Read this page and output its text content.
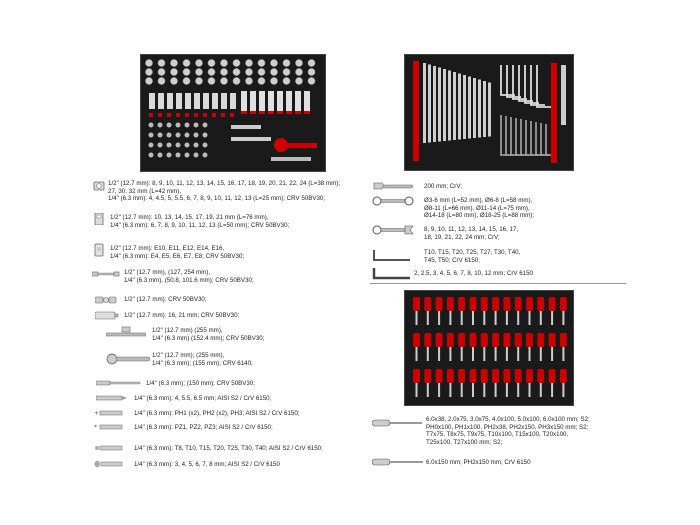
1/2" (12.7 mm): 8, 9, 10, 11, 12, 13, 14, 15, 16, 17, 18, 19, 20, 21, 22, 24 (L=38 mm);
27, 30, 32 mm (L=42 mm),
1/4" (6.3 mm): 4, 4.5, 5, 5.5, 6, 7, 8, 9, 10, 11, 12, 13 (L=25 mm); CRV 50BV30;
1/2" (12.7 mm): 10, 13, 14, 15, 17, 19, 21 mm (L=76 mm),
1/4" (6.3 mm): 6, 7, 8, 9, 10, 11, 12, 13 (L=50 mm); CRV 50BV30;
1/2" (12.7 mm): E10, E11, E12, E14, E16,
1/4" (6.3 mm): E4, E5, E6, E7, E8; CRV 50BV30;
1/2" (12.7 mm), (127, 254 mm),
1/4" (6.3 mm), (50.8, 101.6 mm); CRV 50BV30;
1/2" (12.7 mm); CRV 50BV30;
1/2" (12.7 mm): 16, 21 mm; CRV 50BV30;
1/2" (12.7 mm) (255 mm),
1/4" (6.3 mm) (152.4 mm); CRV 50BV30;
1/2" (12.7 mm); (255 mm),
1/4" (6.3 mm); (155 mm); CRV 6140;
1/4" (6.3 mm); (150 mm); CRV 50BV30;
1/4" (6.3 mm): 4, 5.5, 6.5 mm; AISI S2 / CrV 6150;
+	1/4" (6.3 mm): PH1 (x2), PH2 (x2), PH3; AISI S2 / CrV 6150;
*	1/4" (6.3 mm): PZ1, PZ2, PZ3; AISI S2 / CrV 6150;
1/4" (6.3 mm): T8, T10, T15, T20, T25, T30, T40; AISI S2 / CrV 6150;
1/4" (6.3 mm): 3, 4, 5, 6, 7, 8 mm; AISI S2 / CrV 6150
200 mm; CrV;
Ø3-6 mm (L=52 mm), Ø6-8 (L=58 mm),
Ø8-11 (L=66 mm), Ø11-14 (L=75 mm),
Ø14-18 (L=80 mm), Ø18-25 (L=88 mm);
8, 9, 10, 11, 12, 13, 14, 15, 16, 17,
18, 19, 21, 22, 24 mm; CrV;
T10, T15, T20, T25, T27, T30, T40,
T45, T50; CrV 6150;
2, 2.5, 3, 4, 5, 6, 7, 8, 10, 12 mm; CrV 6150
6.0x38, 2.0x75, 3.0x75, 4.0x100, 5.0x100, 6.0x100 mm; S2;
PH0x100, PH1x100, PH2x38, PH2x150, PH3x150 mm; S2;
T7x75, T8x75, T9x75, T10x100, T15x100, T20x100,
T25x100, T27x100 mm; S2;
6.0x150 mm; PH2x150 mm; CrV 6150
